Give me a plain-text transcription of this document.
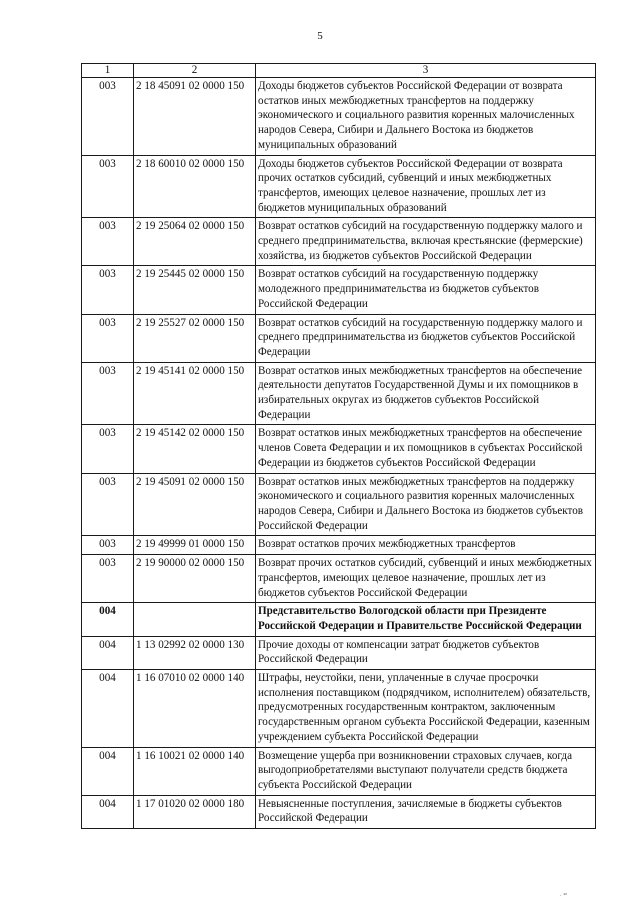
5
1	2	3
003	2 18 45091 02 0000 150	Доходы бюджетов субъектов Российской Федерации от возврата остатков иных межбюджетных трансфертов на поддержку экономического и социального развития коренных малочисленных народов Севера, Сибири и Дальнего Востока из бюджетов муниципальных образований
003	2 18 60010 02 0000 150	Доходы бюджетов субъектов Российской Федерации от возврата прочих остатков субсидий, субвенций и иных межбюджетных трансфертов, имеющих целевое назначение, прошлых лет из бюджетов муниципальных образований
003	2 19 25064 02 0000 150	Возврат остатков субсидий на государственную поддержку малого и среднего предпринимательства, включая крестьянские (фермерские) хозяйства, из бюджетов субъектов Российской Федерации
003	2 19 25445 02 0000 150	Возврат остатков субсидий на государственную поддержку молодежного предпринимательства из бюджетов субъектов Российской Федерации
003	2 19 25527 02 0000 150	Возврат остатков субсидий на государственную поддержку малого и среднего предпринимательства из бюджетов субъектов Российской Федерации
003	2 19 45141 02 0000 150	Возврат остатков иных межбюджетных трансфертов на обеспечение деятельности депутатов Государственной Думы и их помощников в избирательных округах из бюджетов субъектов Российской Федерации
003	2 19 45142 02 0000 150	Возврат остатков иных межбюджетных трансфертов на обеспечение членов Совета Федерации и их помощников в субъектах Российской Федерации из бюджетов субъектов Российской Федерации
003	2 19 45091 02 0000 150	Возврат остатков иных межбюджетных трансфертов на поддержку экономического и социального развития коренных малочисленных народов Севера, Сибири и Дальнего Востока из бюджетов субъектов Российской Федерации
003	2 19 49999 01 0000 150	Возврат остатков прочих межбюджетных трансфертов
003	2 19 90000 02 0000 150	Возврат прочих остатков субсидий, субвенций и иных межбюджетных трансфертов, имеющих целевое назначение, прошлых лет из бюджетов субъектов Российской Федерации
004		Представительство Вологодской области при Президенте Российской Федерации и Правительстве Российской Федерации
004	1 13 02992 02 0000 130	Прочие доходы от компенсации затрат бюджетов субъектов Российской Федерации
004	1 16 07010 02 0000 140	Штрафы, неустойки, пени, уплаченные в случае просрочки исполнения поставщиком (подрядчиком, исполнителем) обязательств, предусмотренных государственным контрактом, заключенным государственным органом субъекта Российской Федерации, казенным учреждением субъекта Российской Федерации
004	1 16 10021 02 0000 140	Возмещение ущерба при возникновении страховых случаев, когда выгодоприобретателями выступают получатели средств бюджета субъекта Российской Федерации
004	1 17 01020 02 0000 180	Невыясненные поступления, зачисляемые в бюджеты субъектов Российской Федерации
· ¹ᴵᴵ
